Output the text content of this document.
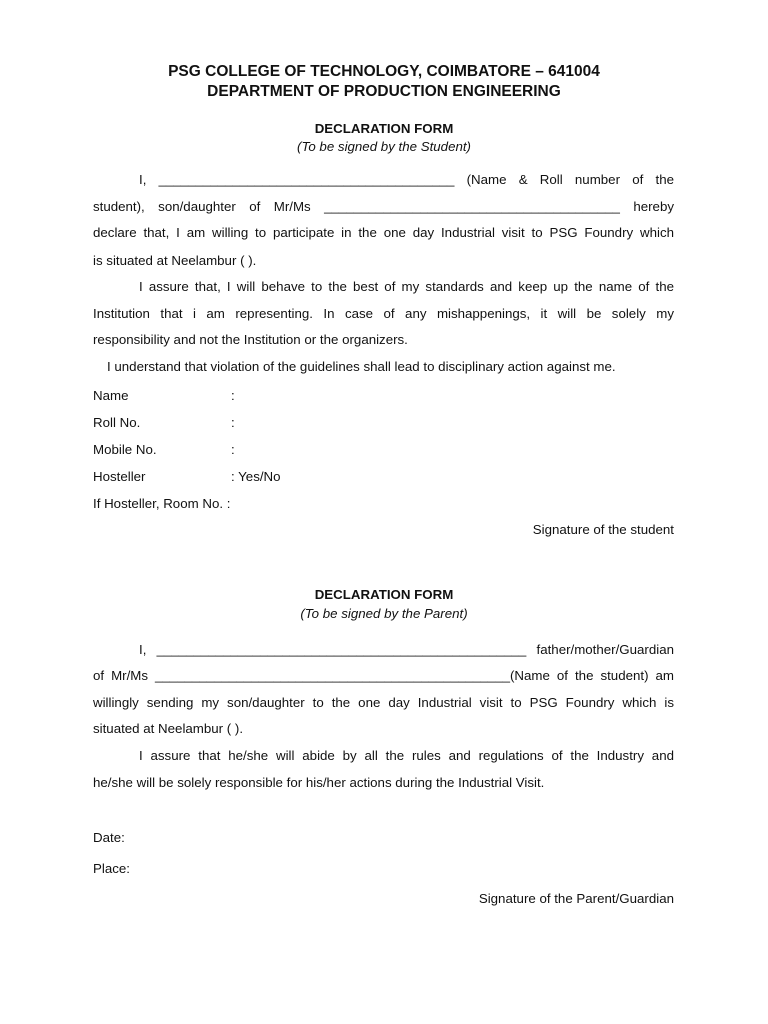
PSG COLLEGE OF TECHNOLOGY, COIMBATORE – 641004
DEPARTMENT OF PRODUCTION ENGINEERING
DECLARATION FORM
(To be signed by the Student)
I, ________________________________________ (Name & Roll number of the
student), son/daughter of Mr/Ms ________________________________________ hereby
declare that, I am willing to participate in the one day Industrial visit to PSG Foundry which
is situated at Neelambur ( ).
I assure that, I will behave to the best of my standards and keep up the name of the
Institution that i am representing. In case of any mishappenings, it will be solely my
responsibility and not the Institution or the organizers.
I understand that violation of the guidelines shall lead to disciplinary action against me.
Name	:
Roll No.	:
Mobile No.	:
Hosteller	: Yes/No
If Hosteller, Room No. :
Signature of the student
DECLARATION FORM
(To be signed by the Parent)
I, __________________________________________________ father/mother/Guardian
of Mr/Ms ________________________________________________(Name of the student) am
willingly sending my son/daughter to the one day Industrial visit to PSG Foundry which is
situated at Neelambur ( ).
I assure that he/she will abide by all the rules and regulations of the Industry and
he/she will be solely responsible for his/her actions during the Industrial Visit.
Date:
Place:
Signature of the Parent/Guardian
